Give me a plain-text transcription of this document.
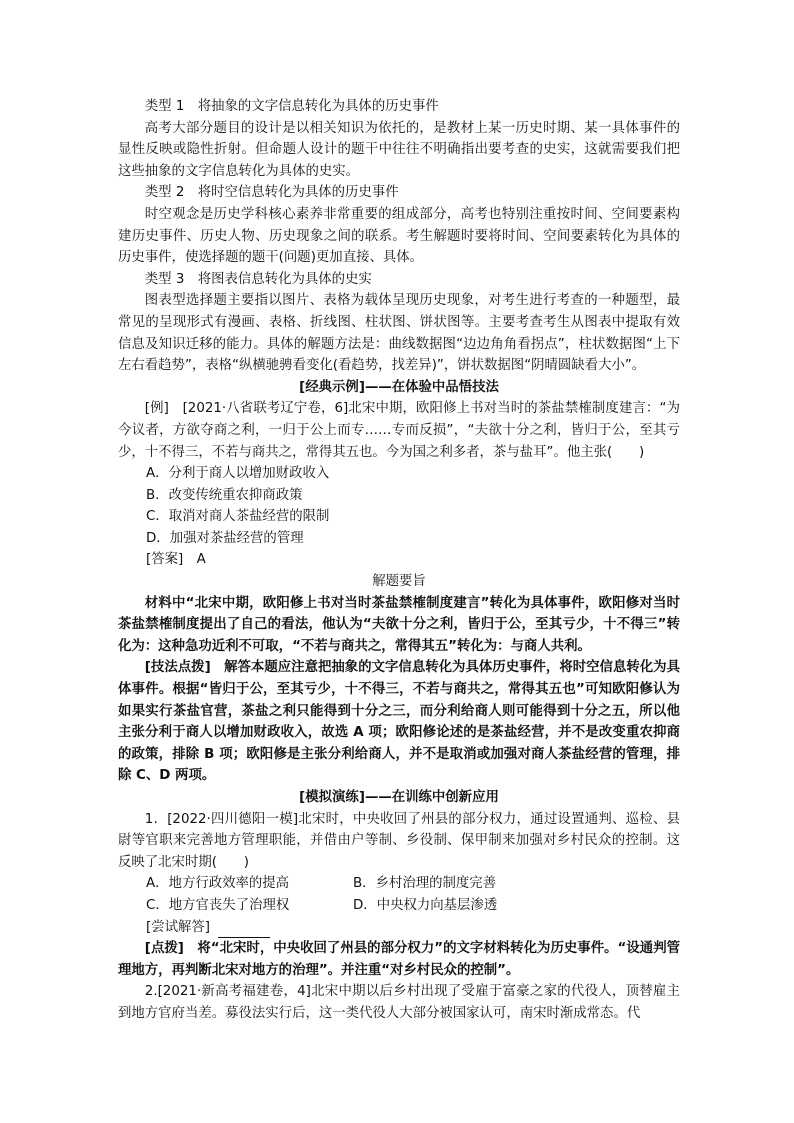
类型 1　将抽象的文字信息转化为具体的历史事件

高考大部分题目的设计是以相关知识为依托的，是教材上某一历史时期、某一具体事件的显性反映或隐性折射。但命题人设计的题干中往往不明确指出要考查的史实，这就需要我们把这些抽象的文字信息转化为具体的史实。

类型 2　将时空信息转化为具体的历史事件

时空观念是历史学科核心素养非常重要的组成部分，高考也特别注重按时间、空间要素构建历史事件、历史人物、历史现象之间的联系。考生解题时要将时间、空间要素转化为具体的历史事件，使选择题的题干(问题)更加直接、具体。

类型 3　将图表信息转化为具体的史实

图表型选择题主要指以图片、表格为载体呈现历史现象，对考生进行考查的一种题型，最常见的呈现形式有漫画、表格、折线图、柱状图、饼状图等。主要考查考生从图表中提取有效信息及知识迁移的能力。具体的解题方法是：曲线数据图“边边角角看拐点”，柱状数据图“上下左右看趋势”，表格“纵横驰骋看变化(看趋势，找差异)”，饼状数据图“阴晴圆缺看大小”。

[经典示例]——在体验中品悟技法

[例]　[2021·八省联考辽宁卷，6]北宋中期，欧阳修上书对当时的茶盐禁榷制度建言：“为今议者，方欲夺商之利，一归于公上而专……专而反损”，“夫欲十分之利，皆归于公，至其亏少，十不得三，不若与商共之，常得其五也。今为国之利多者，茶与盐耳”。他主张(　　)

A．分利于商人以增加财政收入

B．改变传统重农抑商政策

C．取消对商人茶盐经营的限制

D．加强对茶盐经营的管理

[答案]　A

解题要旨

材料中“北宋中期，欧阳修上书对当时茶盐禁榷制度建言”转化为具体事件，欧阳修对当时茶盐禁榷制度提出了自己的看法，他认为“夫欲十分之利，皆归于公，至其亏少，十不得三”转化为：这种急功近利不可取，“不若与商共之，常得其五”转化为：与商人共利。

[技法点拨]　解答本题应注意把抽象的文字信息转化为具体历史事件，将时空信息转化为具体事件。根据“皆归于公，至其亏少，十不得三，不若与商共之，常得其五也”可知欧阳修认为如果实行茶盐官营，茶盐之利只能得到十分之三，而分利给商人则可能得到十分之五，所以他主张分利于商人以增加财政收入，故选 A 项；欧阳修论述的是茶盐经营，并不是改变重农抑商的政策，排除 B 项；欧阳修是主张分利给商人，并不是取消或加强对商人茶盐经营的管理，排除 C、D 两项。

[模拟演练]——在训练中创新应用

1．[2022·四川德阳一模]北宋时，中央收回了州县的部分权力，通过设置通判、巡检、县尉等官职来完善地方管理职能，并借由户等制、乡役制、保甲制来加强对乡村民众的控制。这反映了北宋时期(　　)

A．地方行政效率的提高	B．乡村治理的制度完善
C．地方官丧失了治理权	D．中央权力向基层渗透

[尝试解答]

[点拨]　将“北宋时，中央收回了州县的部分权力”的文字材料转化为历史事件。“设通判管理地方，再判断北宋对地方的治理”。并注重“对乡村民众的控制”。

2.[2021·新高考福建卷，4]北宋中期以后乡村出现了受雇于富豪之家的代役人，顶替雇主到地方官府当差。募役法实行后，这一类代役人大部分被国家认可，南宋时渐成常态。代
